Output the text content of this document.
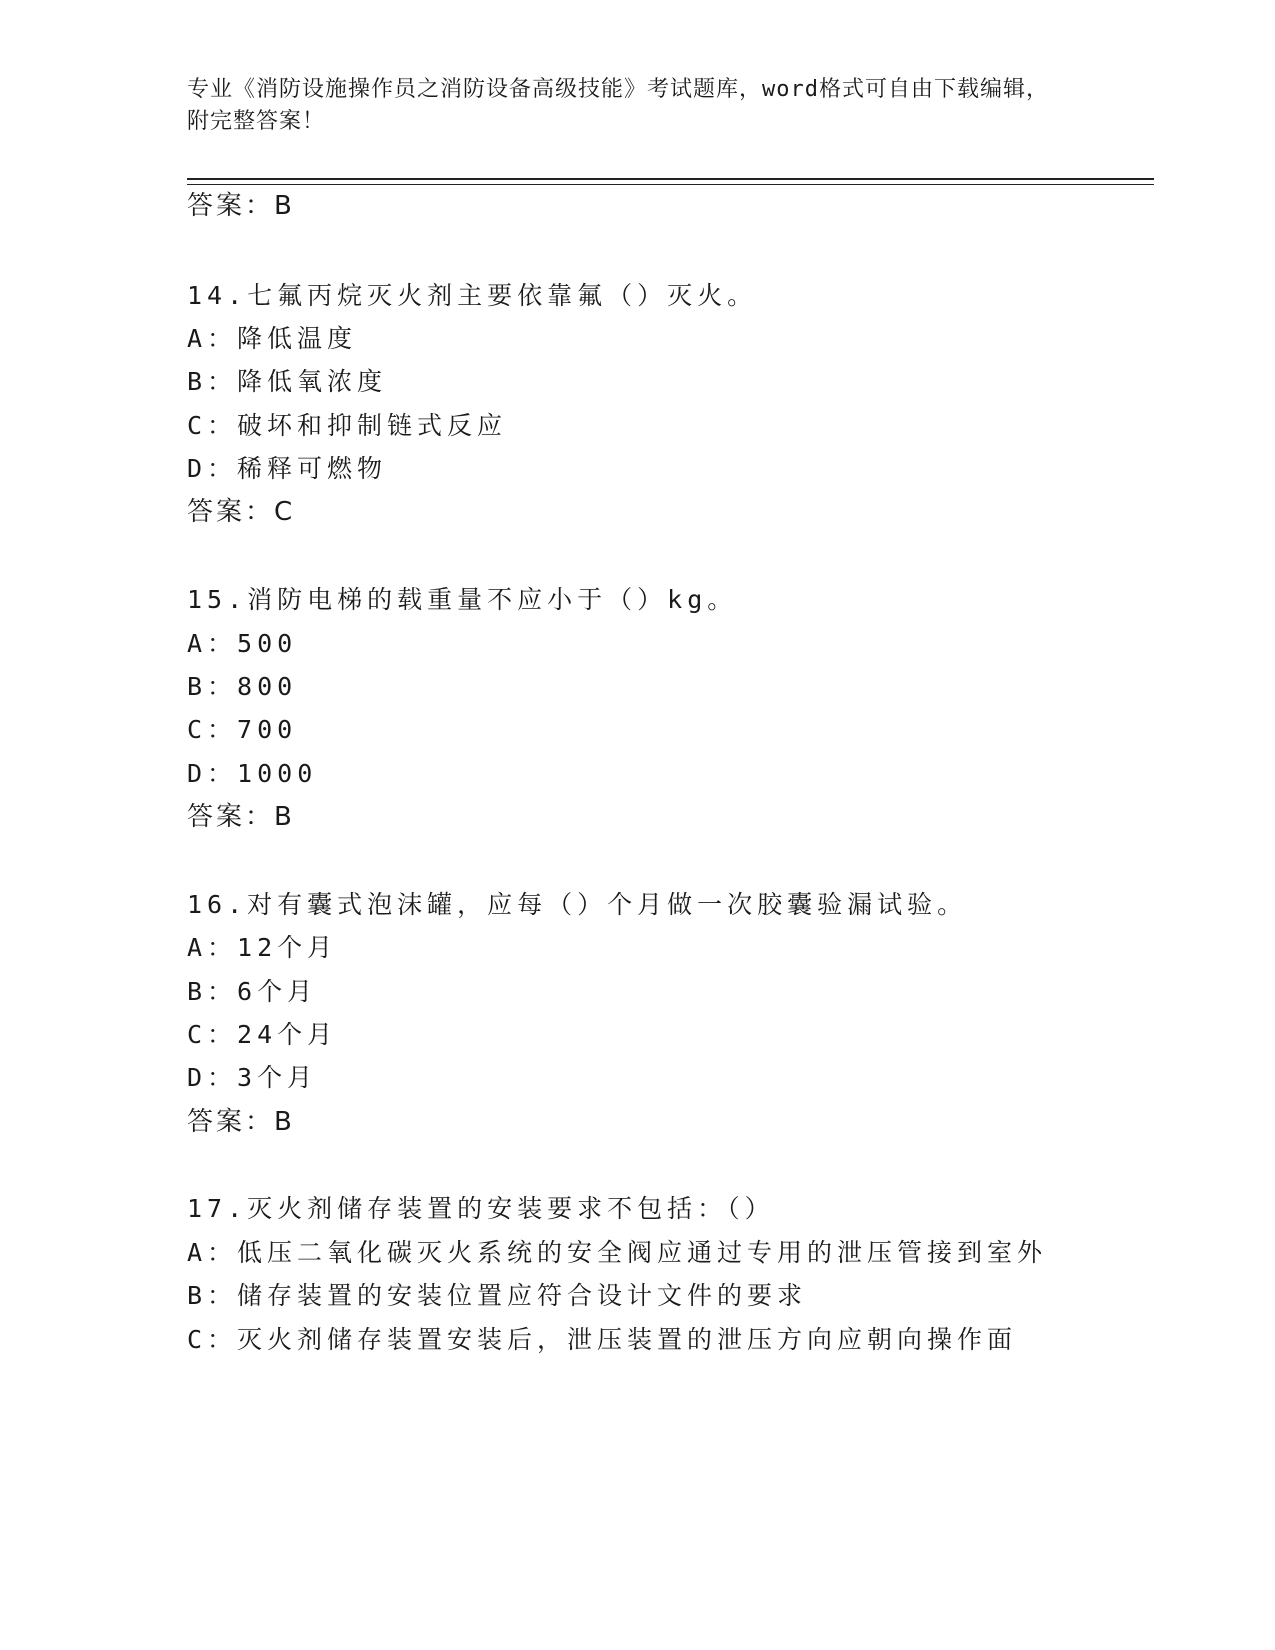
专业《消防设施操作员之消防设备高级技能》考试题库，word格式可自由下载编辑，附完整答案！
答案：B
14.七氟丙烷灭火剂主要依靠氟（）灭火。
A：降低温度
B：降低氧浓度
C：破坏和抑制链式反应
D：稀释可燃物
答案：C
15.消防电梯的载重量不应小于（）kg。
A：500
B：800
C：700
D：1000
答案：B
16.对有囊式泡沫罐，应每（）个月做一次胶囊验漏试验。
A：12个月
B：6个月
C：24个月
D：3个月
答案：B
17.灭火剂储存装置的安装要求不包括：（）
A：低压二氧化碳灭火系统的安全阀应通过专用的泄压管接到室外
B：储存装置的安装位置应符合设计文件的要求
C：灭火剂储存装置安装后，泄压装置的泄压方向应朝向操作面
